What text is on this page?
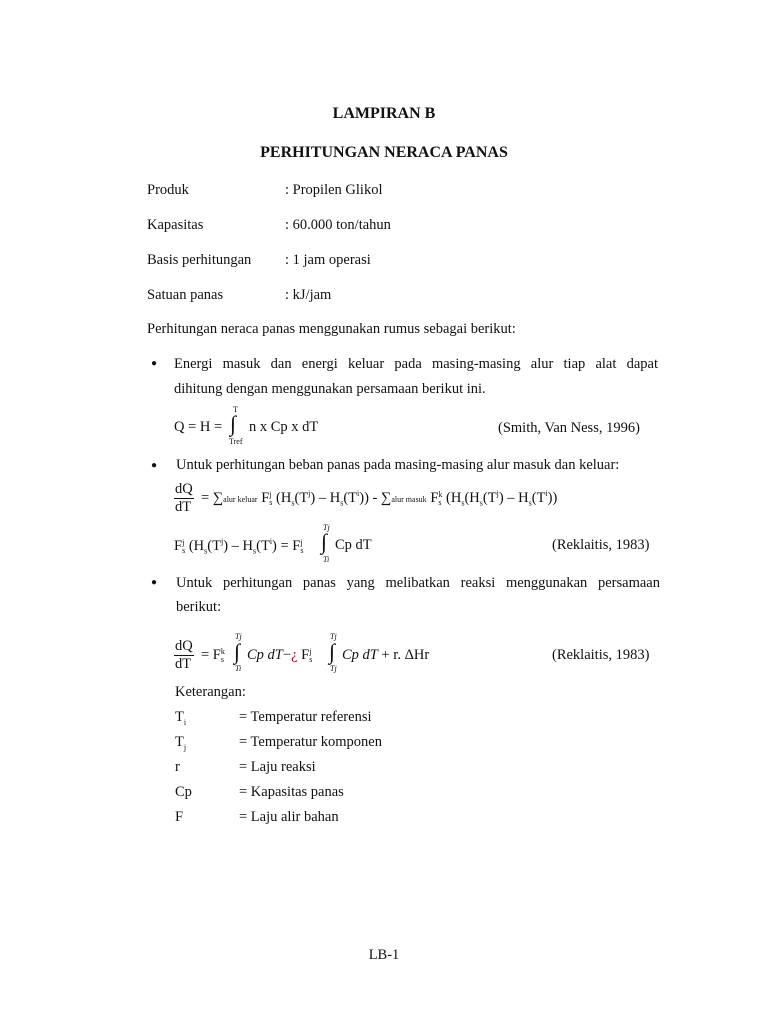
LAMPIRAN B
PERHITUNGAN NERACA PANAS
Produk	: Propilen Glikol
Kapasitas	: 60.000 ton/tahun
Basis perhitungan : 1 jam operasi
Satuan panas	: kJ/jam
Perhitungan neraca panas menggunakan rumus sebagai berikut:
● Energi masuk dan energi keluar pada masing-masing alur tiap alat dapat
dihitung dengan menggunakan persamaan berikut ini.
Q = H =
T
∫
Tref
n x Cp x dT	(Smith, Van Ness, 1996)
● Untuk perhitungan beban panas pada masing-masing alur masuk dan keluar:
$\frac{dQ}{dT}$ = ∑alur keluar F j
s $(H_s(T^j) - H_s(T^i))$ - ∑alur masuk F k
s ($H_s(H_s(T^j) - H_s(T^i))$
F j
s ($H_s(T^j) - H_s(T^i) = F$ j
s
Tj
∫
Ti
Cp dT	(Reklaitis, 1983)
● Untuk perhitungan panas yang melibatkan reaksi menggunakan persamaan
berikut:
$\frac{dQ}{dT} = F$ k
s
Tj
∫
Ti
Cp dT−¿ F j
s
Tj
∫
Tj
Cp dT + r. ΔHr	(Reklaitis, 1983)
Keterangan:
$T_i$	= Temperatur referensi
$T_j$	= Temperatur komponen
r	= Laju reaksi
Cp	= Kapasitas panas
F	= Laju alir bahan
LB-1
